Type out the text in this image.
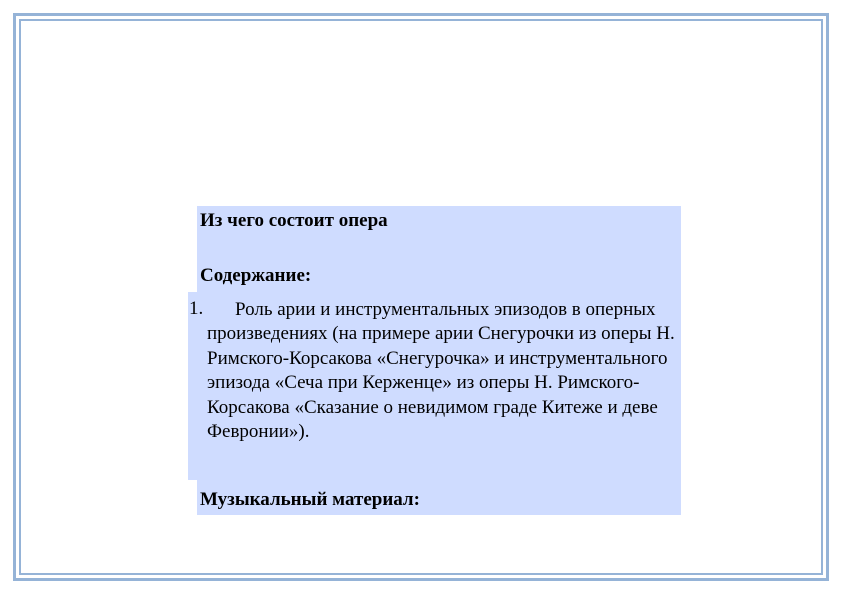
Из чего состоит опера
Содержание:
1.	Роль арии и инструментальных эпизодов в оперных произведениях (на примере арии Снегурочки из оперы Н. Римского-Корсакова «Снегурочка» и инструментального эпизода «Сеча при Керженце» из оперы Н. Римского-Корсакова «Сказание о невидимом граде Китеже и деве Февронии»).
Музыкальный материал:
